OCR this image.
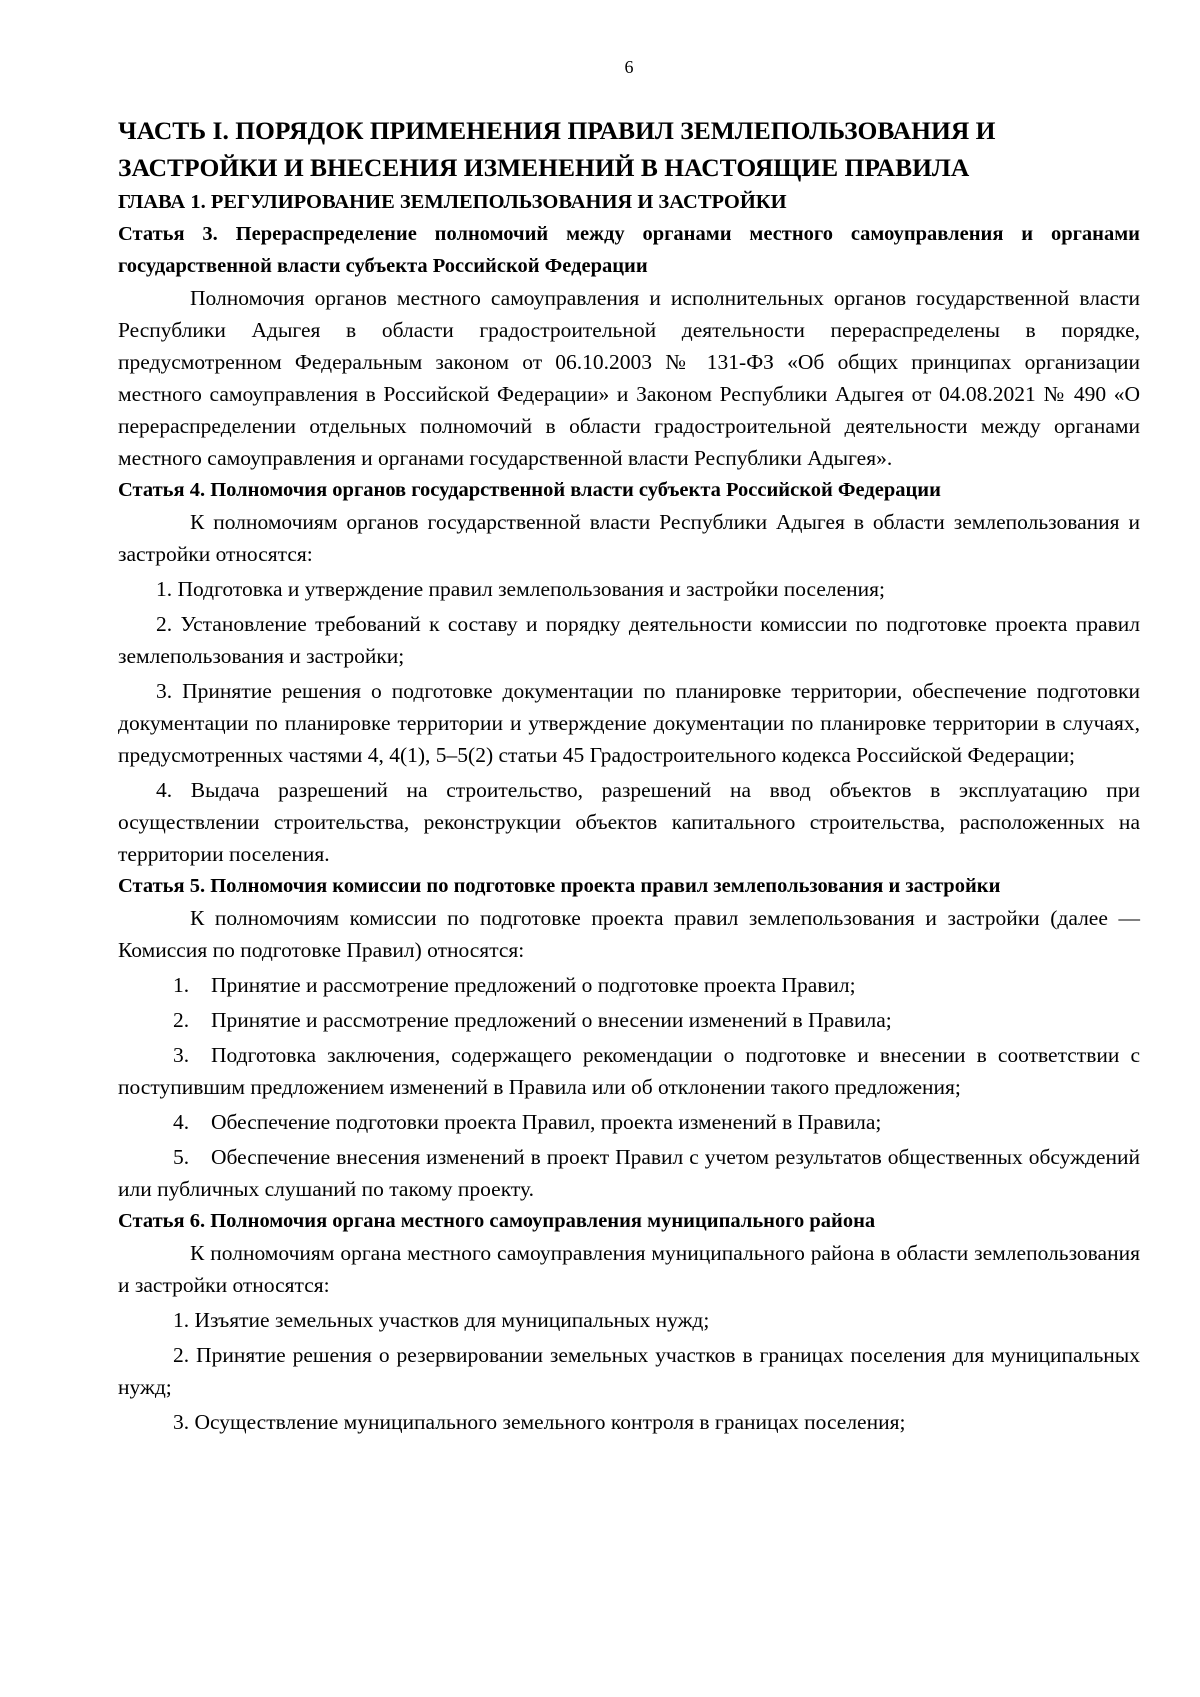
6
ЧАСТЬ I. ПОРЯДОК ПРИМЕНЕНИЯ ПРАВИЛ ЗЕМЛЕПОЛЬЗОВАНИЯ И ЗАСТРОЙКИ И ВНЕСЕНИЯ ИЗМЕНЕНИЙ В НАСТОЯЩИЕ ПРАВИЛА
ГЛАВА 1. РЕГУЛИРОВАНИЕ ЗЕМЛЕПОЛЬЗОВАНИЯ И ЗАСТРОЙКИ
Статья 3. Перераспределение полномочий между органами местного самоуправления и органами государственной власти субъекта Российской Федерации

Полномочия органов местного самоуправления и исполнительных органов государственной власти Республики Адыгея в области градостроительной деятельности перераспределены в порядке, предусмотренном Федеральным законом от 06.10.2003 № 131-ФЗ «Об общих принципах организации местного самоуправления в Российской Федерации» и Законом Республики Адыгея от 04.08.2021 № 490 «О перераспределении отдельных полномочий в области градостроительной деятельности между органами местного самоуправления и органами государственной власти Республики Адыгея».

Статья 4. Полномочия органов государственной власти субъекта Российской Федерации

К полномочиям органов государственной власти Республики Адыгея в области землепользования и застройки относятся:

1. Подготовка и утверждение правил землепользования и застройки поселения;

2. Установление требований к составу и порядку деятельности комиссии по подготовке проекта правил землепользования и застройки;

3. Принятие решения о подготовке документации по планировке территории, обеспечение подготовки документации по планировке территории и утверждение документации по планировке территории в случаях, предусмотренных частями 4, 4(1), 5–5(2) статьи 45 Градостроительного кодекса Российской Федерации;

4. Выдача разрешений на строительство, разрешений на ввод объектов в эксплуатацию при осуществлении строительства, реконструкции объектов капитального строительства, расположенных на территории поселения.

Статья 5. Полномочия комиссии по подготовке проекта правил землепользования и застройки

К полномочиям комиссии по подготовке проекта правил землепользования и застройки (далее — Комиссия по подготовке Правил) относятся:

1. Принятие и рассмотрение предложений о подготовке проекта Правил;

2. Принятие и рассмотрение предложений о внесении изменений в Правила;

3. Подготовка заключения, содержащего рекомендации о подготовке и внесении в соответствии с поступившим предложением изменений в Правила или об отклонении такого предложения;

4. Обеспечение подготовки проекта Правил, проекта изменений в Правила;

5. Обеспечение внесения изменений в проект Правил с учетом результатов общественных обсуждений или публичных слушаний по такому проекту.

Статья 6. Полномочия органа местного самоуправления муниципального района

К полномочиям органа местного самоуправления муниципального района в области землепользования и застройки относятся:

1. Изъятие земельных участков для муниципальных нужд;

2. Принятие решения о резервировании земельных участков в границах поселения для муниципальных нужд;

3. Осуществление муниципального земельного контроля в границах поселения;
